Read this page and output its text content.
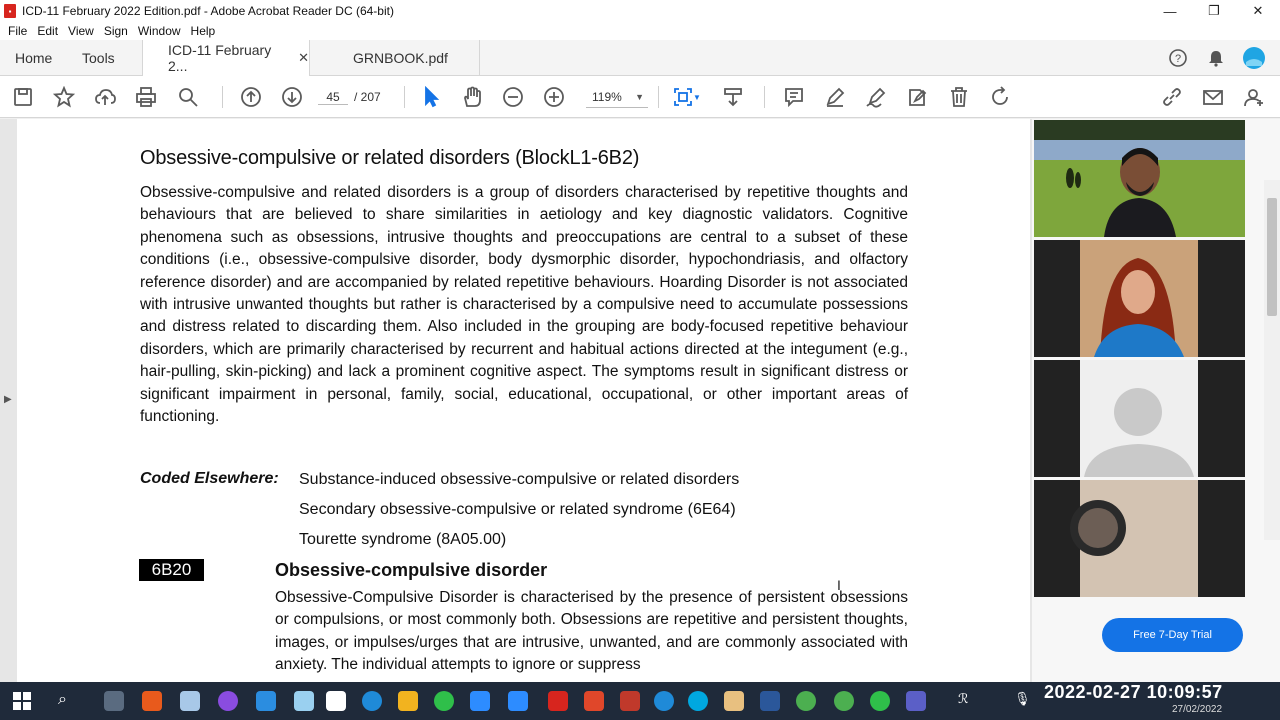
▪ ICD-11 February 2022 Edition.pdf - Adobe Acrobat Reader DC (64-bit)	—	❐	✕
File Edit View Sign Window Help
Home Tools	ICD-11 February 2...
✕	GRNBOOK.pdf	?
45	/ 207	119% ▼	▼
▶
Obsessive-compulsive or related disorders (BlockL1-6B2)
Obsessive-compulsive and related disorders is a group of disorders characterised by repetitive thoughts and behaviours that are believed to share similarities in aetiology and key diagnostic validators. Cognitive phenomena such as obsessions, intrusive thoughts and preoccupations are central to a subset of these conditions (i.e., obsessive-compulsive disorder, body dysmorphic disorder, hypochondriasis, and olfactory reference disorder) and are accompanied by related repetitive behaviours. Hoarding Disorder is not associated with intrusive unwanted thoughts but rather is characterised by a compulsive need to accumulate possessions and distress related to discarding them. Also included in the grouping are body-focused repetitive behaviour disorders, which are primarily characterised by recurrent and habitual actions directed at the integument (e.g., hair-pulling, skin-picking) and lack a prominent cognitive aspect. The symptoms result in significant distress or significant impairment in personal, family, social, educational, occupational, or other important areas of functioning.
Coded Elsewhere: Substance-induced obsessive-compulsive or related disorders
Secondary obsessive-compulsive or related syndrome (6E64)
Tourette syndrome (8A05.00)
6B20	Obsessive-compulsive disorder
Obsessive-Compulsive Disorder is characterised by the presence of persistent obsessions or compulsions, or most commonly both. Obsessions are repetitive and persistent thoughts, images, or impulses/urges that are intrusive, unwanted, and are commonly associated with anxiety. The individual attempts to ignore or suppress
I
Free 7-Day Trial
⌕	ℛ	🎙 2022-02-27 10:09:57
27/02/2022
